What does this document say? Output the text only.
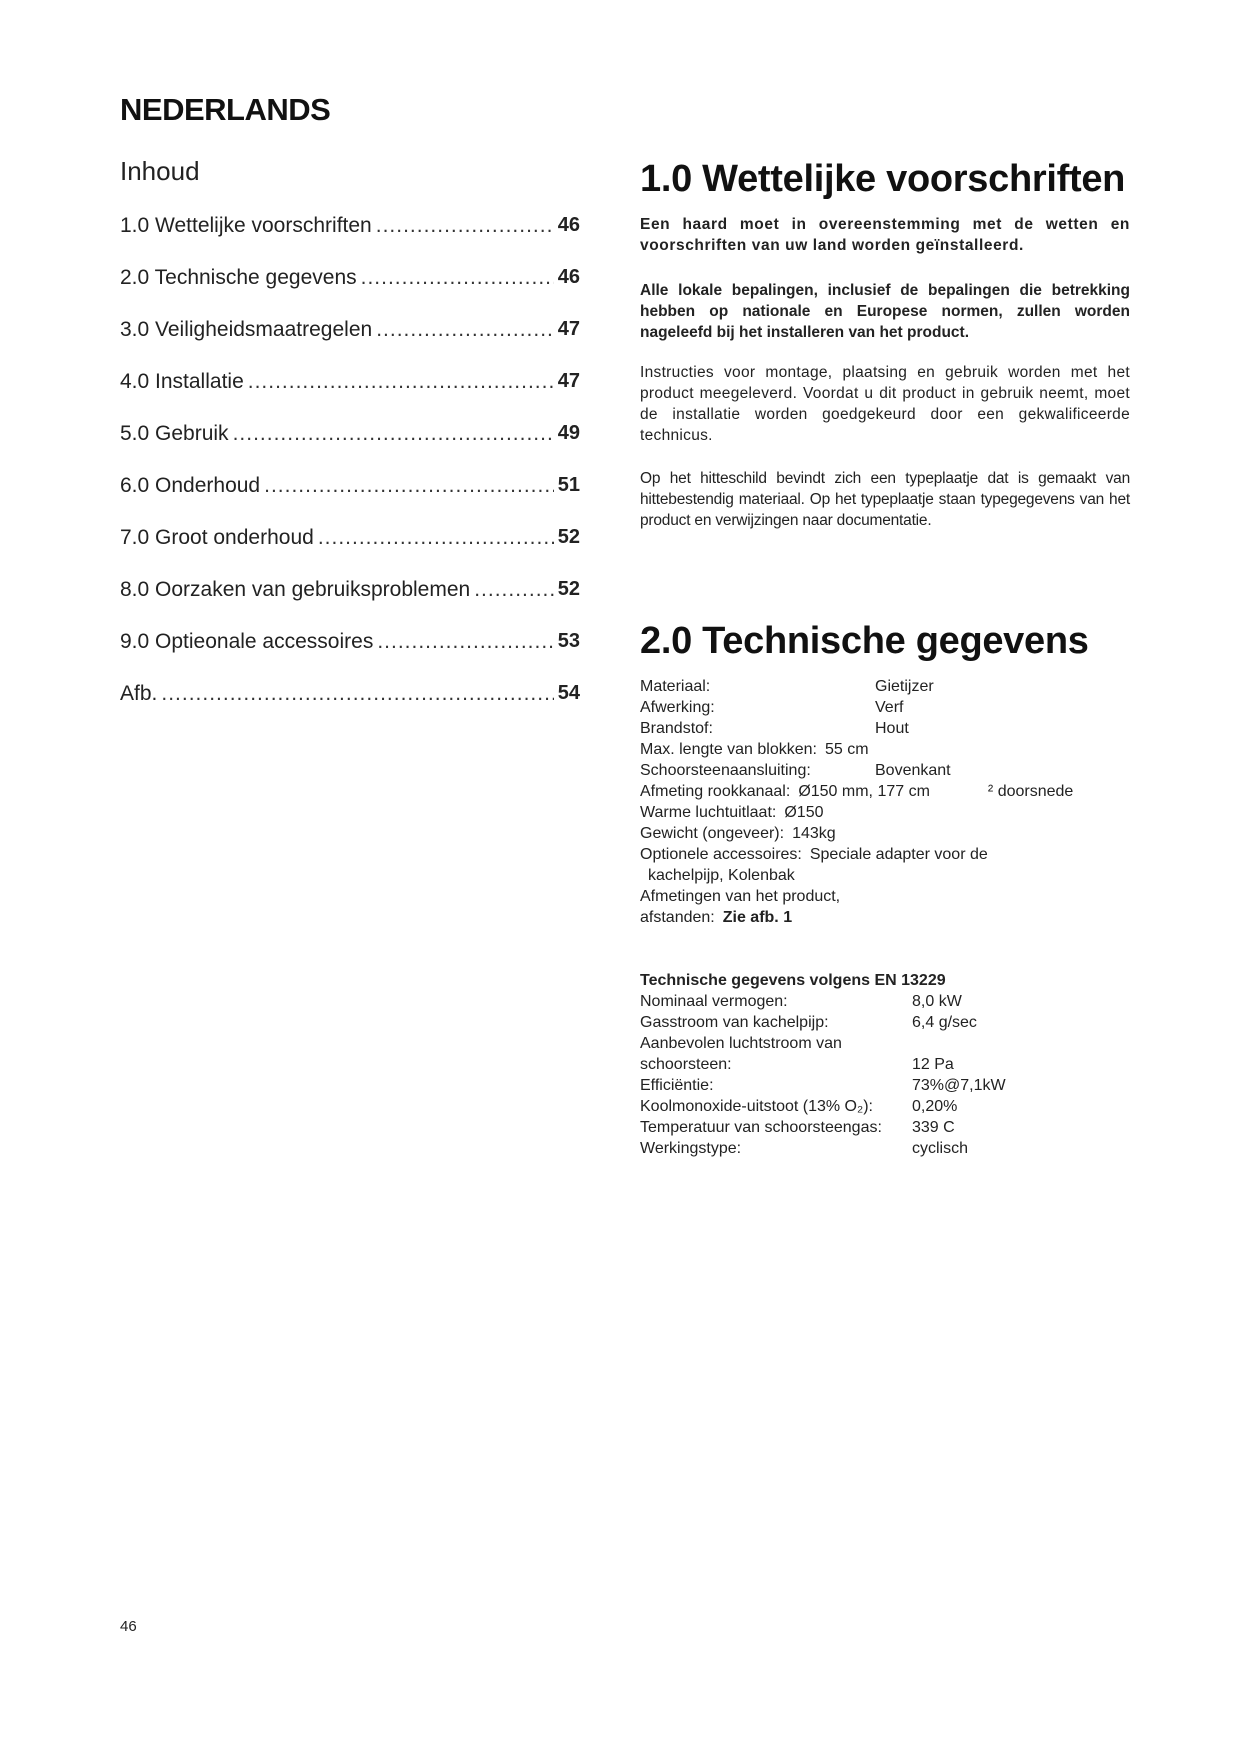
NEDERLANDS
Inhoud
1.0 Wettelijke voorschriften .....	46
2.0 Technische gegevens .....	46
3.0 Veiligheidsmaatregelen .....	47
4.0 Installatie .....	47
5.0 Gebruik .....	49
6.0 Onderhoud .....	51
7.0 Groot onderhoud .....	52
8.0 Oorzaken van gebruiksproblemen .....	52
9.0 Optieonale accessoires .....	53
Afb. .....	54
1.0 Wettelijke voorschriften

Een haard moet in overeenstemming met de wetten en voorschriften van uw land worden geïnstalleerd.

Alle lokale bepalingen, inclusief de bepalingen die betrekking hebben op nationale en Europese normen, zullen worden nageleefd bij het installeren van het product.

Instructies voor montage, plaatsing en gebruik worden met het product meegeleverd. Voordat u dit product in gebruik neemt, moet de installatie worden goedgekeurd door een gekwalificeerde technicus.

Op het hitteschild bevindt zich een typeplaatje dat is gemaakt van hittebestendig materiaal. Op het typeplaatje staan typegegevens van het product en verwijzingen naar documentatie.

2.0 Technische gegevens
Materiaal:	Gietijzer
Afwerking:	Verf
Brandstof:	Hout
Max. lengte van blokken: 55 cm
Schoorsteenaansluiting:	Bovenkant
Afmeting rookkanaal: Ø150 mm, 177 cm	² doorsnede
Warme luchtuitlaat: Ø150
Gewicht (ongeveer): 143kg
Optionele accessoires: Speciale adapter voor de
kachelpijp, Kolenbak
Afmetingen van het product,
afstanden: Zie afb. 1
Technische gegevens volgens EN 13229
Nominaal vermogen:	8,0 kW
Gasstroom van kachelpijp:	6,4 g/sec
Aanbevolen luchtstroom van
schoorsteen:	12 Pa
Efficiëntie:	73%@7,1kW
Koolmonoxide-uitstoot (13% O₂):	0,20%
Temperatuur van schoorsteengas:	339 C
Werkingstype:	cyclisch
46
